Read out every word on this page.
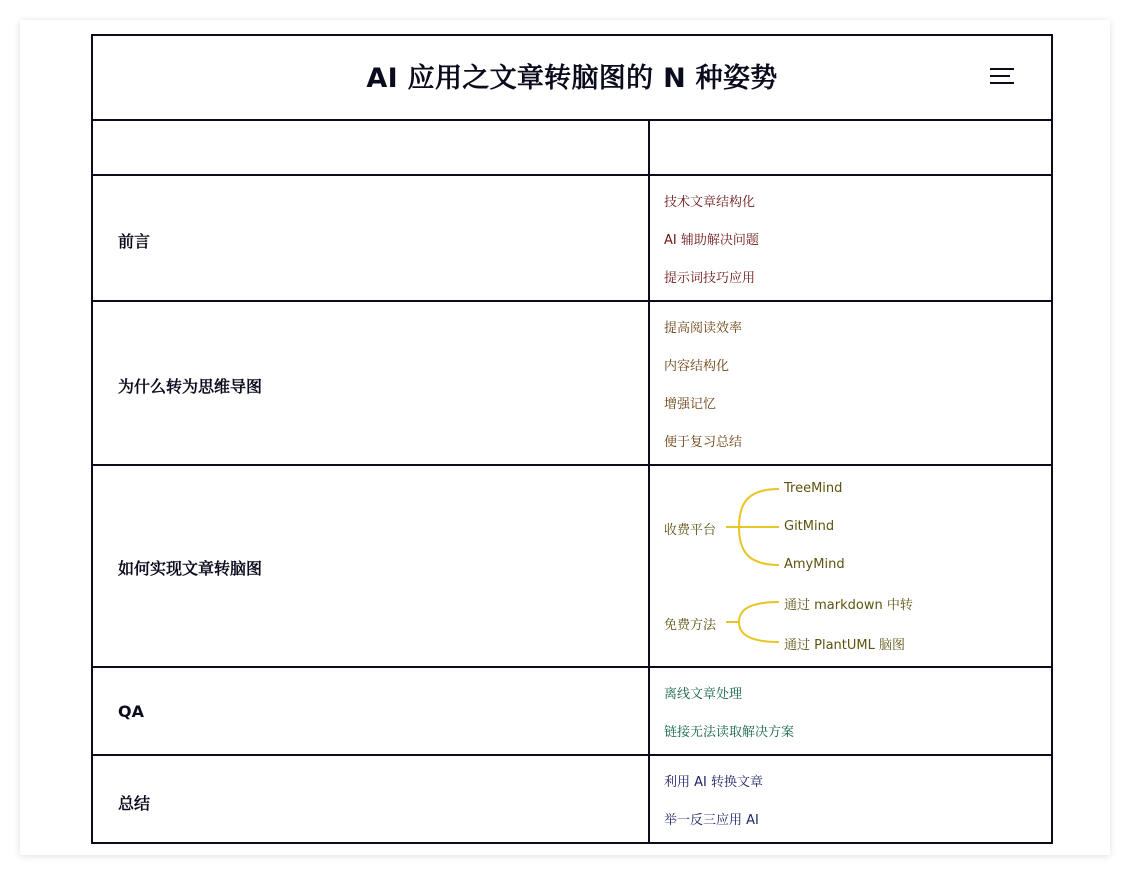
AI 应用之文章转脑图的 N 种姿势
前言
技术文章结构化
AI 辅助解决问题
提示词技巧应用
为什么转为思维导图
提高阅读效率
内容结构化
增强记忆
便于复习总结
如何实现文章转脑图
收费平台
TreeMind
GitMind
AmyMind
免费方法
通过 markdown 中转
通过 PlantUML 脑图
QA
离线文章处理
链接无法读取解决方案
总结
利用 AI 转换文章
举一反三应用 AI
